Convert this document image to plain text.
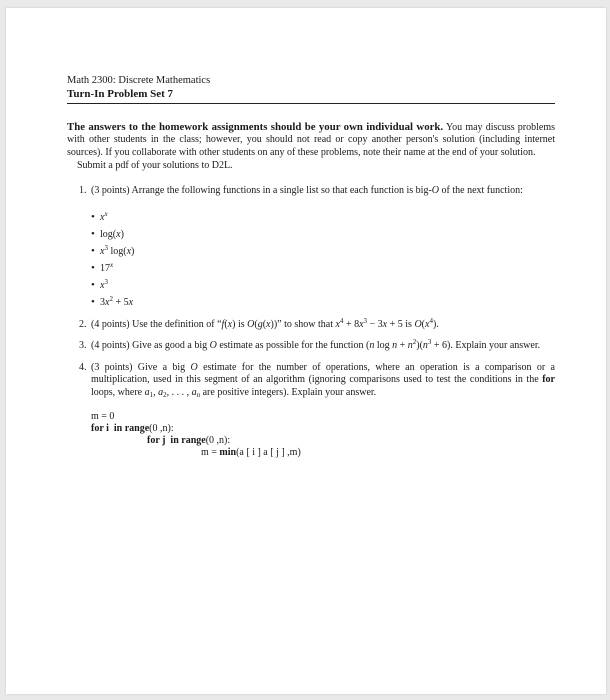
Math 2300: Discrete Mathematics
Turn-In Problem Set 7
The answers to the homework assignments should be your own individual work. You may discuss problems with other students in the class; however, you should not read or copy another person's solution (including internet sources). If you collaborate with other students on any of these problems, note their name at the end of your solution.
Submit a pdf of your solutions to D2L.
1. (3 points) Arrange the following functions in a single list so that each function is big-O of the next function:
• $x^x$
• log(x)
• $x^3$ log(x)
• 17$^x$
• $x^3$
• $3x^2 + 5x$
2. (4 points) Use the definition of “f(x) is O(g(x))” to show that $x^4 + 8x^3 - 3x + 5$ is $O(x^4)$.
3. (4 points) Give as good a big O estimate as possible for the function (n $\log n + n^2)(n^3 + 6)$. Explain your answer.
4. (3 points) Give a big O estimate for the number of operations, where an operation is a comparison or a multiplication, used in this segment of an algorithm (ignoring comparisons used to test the conditions in the for loops, where $a_1$, $a_2$, . . . , $a_n$ are positive integers). Explain your answer.
m = 0
for i  in range(0 ,n):
for j  in range(0 ,n):
m = min(a [ i ] a [ j ] ,m)
